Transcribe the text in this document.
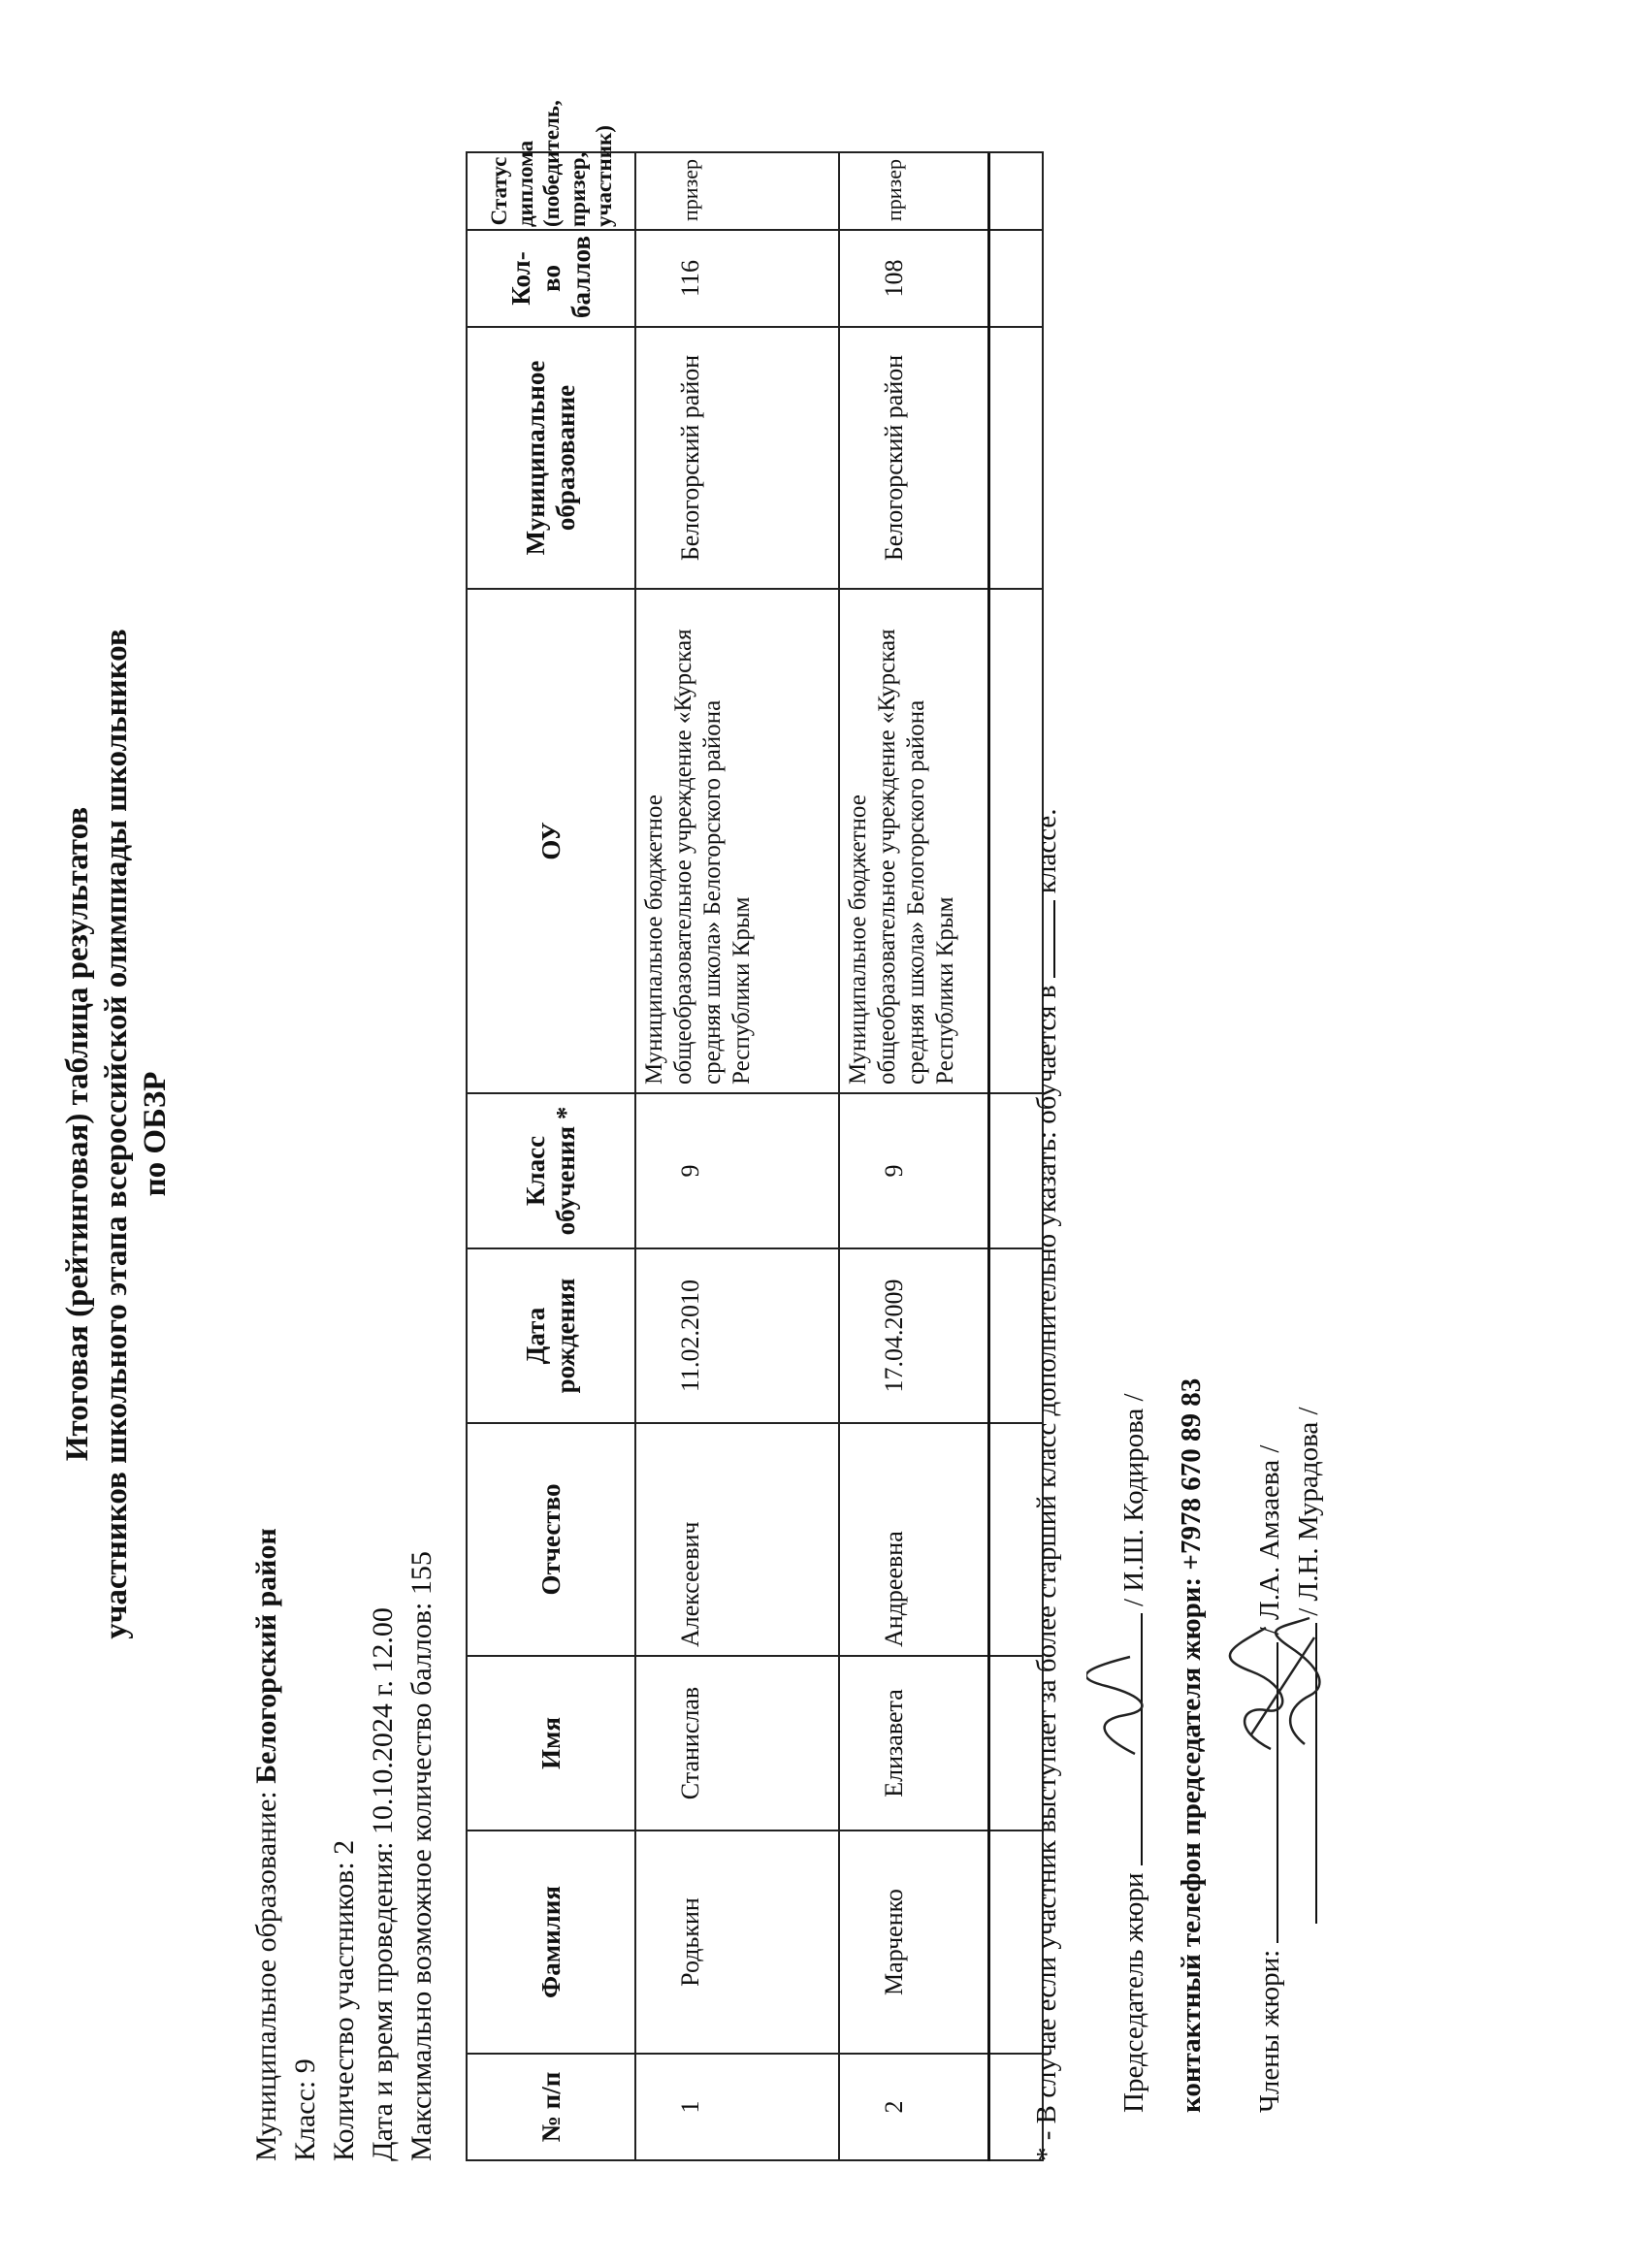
Итоговая (рейтинговая) таблица результатов участников школьного этапа всероссийской олимпиады школьников по ОБЗР
Муниципальное образование: Белогорский район
Класс: 9 Количество участников: 2 Дата и время проведения: 10.10.2024 г. 12.00 Максимально возможное количество баллов: 155
№ п/п	Фамилия	Имя	Отчество	Дата рождения	Класс обучения *	ОУ	Муниципальное образование	Кол-во баллов	Статус диплома (победитель, призер, участник)
1	Родькин	Станислав	Алексеевич	11.02.2010	9	Муниципальное бюджетное общеобразовательное учреждение «Курская средняя школа» Белогорского района Республики Крым	Белогорский район	116	призер
2	Марченко	Елизавета	Андреевна	17.04.2009	9	Муниципальное бюджетное общеобразовательное учреждение «Курская средняя школа» Белогорского района Республики Крым	Белогорский район	108	призер
* - В случае если участник выступает за более старший класс дополнительно указать: обучается в  классе.
Председатель жюри  / И.Ш. Кодирова /
контактный телефон председателя жюри: +7978 670 89 83
Члены жюри:  / Л.А. Амзаева / / Л.Н. Мурадова /
